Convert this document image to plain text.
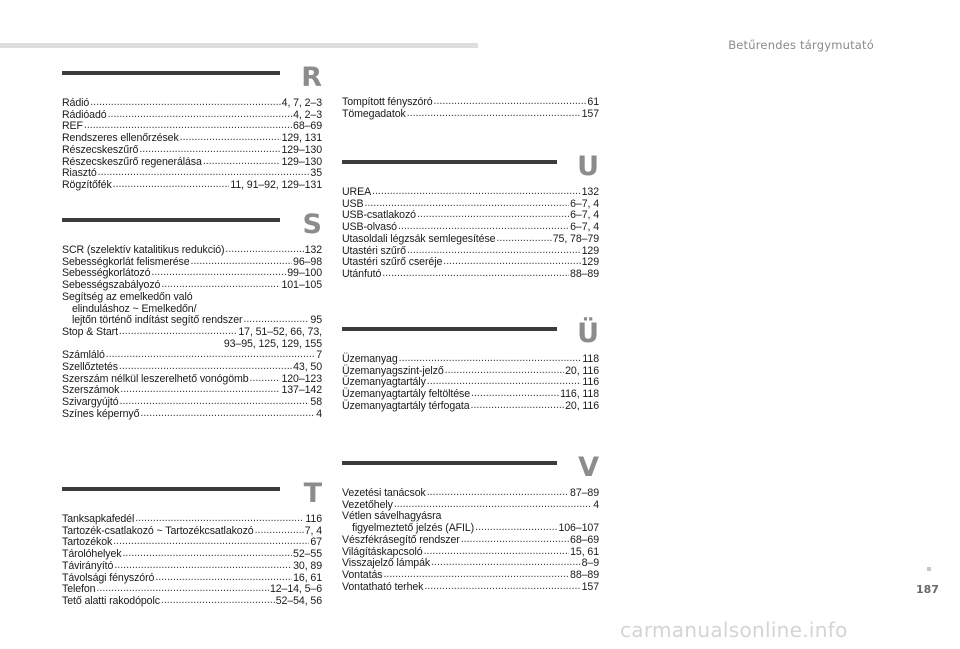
Betűrendes tárgymutató
R
Rádió .....	4, 7, 2–3
Rádióadó .....	4, 2–3
REF .....	68–69
Rendszeres ellenőrzések .....	129, 131
Részecskeszűrő .....	129–130
Részecskeszűrő regenerálása .....	129–130
Riasztó .....	35
Rögzítőfék .....	11, 91–92, 129–131
S
SCR (szelektív katalitikus redukció) .....	132
Sebességkorlát felismerése .....	96–98
Sebességkorlátozó .....	99–100
Sebességszabályozó .....	101–105
Segítség az emelkedőn való
elinduláshoz ~ Emelkedőn/
lejtőn történő indítást segítő rendszer .....	95
Stop & Start .....	17, 51–52, 66, 73,
93–95, 125, 129, 155
Számláló .....	7
Szellőztetés .....	43, 50
Szerszám nélkül leszerelhető vonógömb .....	120–123
Szerszámok .....	137–142
Szivargyújtó .....	58
Színes képernyő .....	4
T
Tanksapkafedél .....	116
Tartozék-csatlakozó ~ Tartozékcsatlakozó .....	7, 4
Tartozékok .....	67
Tárolóhelyek .....	52–55
Távirányító .....	30, 89
Távolsági fényszóró .....	16, 61
Telefon .....	12–14, 5–6
Tető alatti rakodópolc .....	52–54, 56
Tompított fényszóró .....	61
Tömegadatok .....	157
U
UREA .....	132
USB .....	6–7, 4
USB-csatlakozó .....	6–7, 4
USB-olvasó .....	6–7, 4
Utasoldali légzsák semlegesítése .....	75, 78–79
Utastéri szűrő .....	129
Utastéri szűrő cseréje .....	129
Utánfutó .....	88–89
Ü
Üzemanyag .....	118
Üzemanyagszint-jelző .....	20, 116
Üzemanyagtartály .....	116
Üzemanyagtartály feltöltése .....	116, 118
Üzemanyagtartály térfogata .....	20, 116
V
Vezetési tanácsok .....	87–89
Vezetőhely .....	4
Vétlen sávelhagyásra
figyelmeztető jelzés (AFIL) .....	106–107
Vészfékrásegítő rendszer .....	68–69
Világításkapcsoló .....	15, 61
Visszajelző lámpák .....	8–9
Vontatás .....	88–89
Vontatható terhek .....	157	187
carmanualsonline.info
